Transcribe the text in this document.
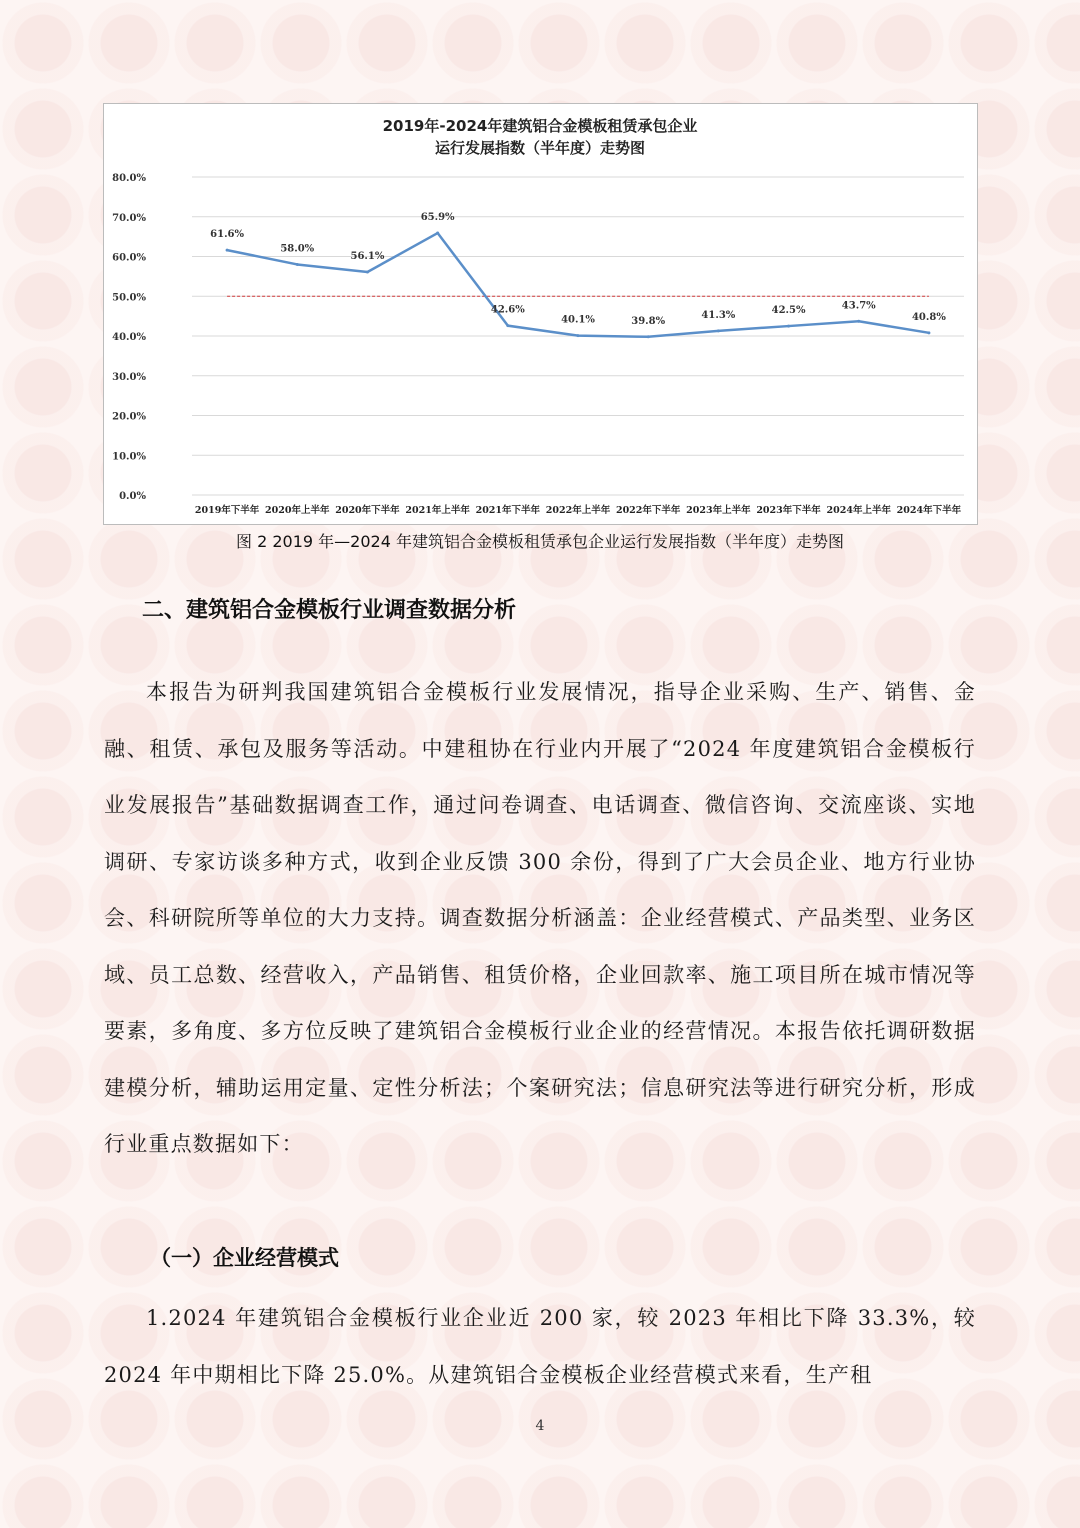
2019年-2024年建筑铝合金模板租赁承包企业
运行发展指数（半年度）走势图
0.0%
10.0%
20.0%
30.0%
40.0%
50.0%
60.0%
70.0%
80.0%
61.6%
58.0%
56.1%
65.9%
42.6%
40.1%	39.8%
41.3%	42.5%	43.7%
40.8%
2019年下半年 2020年上半年 2020年下半年 2021年上半年 2021年下半年 2022年上半年 2022年下半年 2023年上半年 2023年下半年 2024年上半年 2024年下半年
图 2 2019 年—2024 年建筑铝合金模板租赁承包企业运行发展指数（半年度）走势图
二、建筑铝合金模板行业调查数据分析

本报告为研判我国建筑铝合金模板行业发展情况，指导企业采购、生产、销售、金融、租赁、承包及服务等活动。中建租协在行业内开展了“2024 年度建筑铝合金模板行业发展报告”基础数据调查工作，通过问卷调查、电话调查、微信咨询、交流座谈、实地调研、专家访谈多种方式，收到企业反馈 300 余份，得到了广大会员企业、地方行业协会、科研院所等单位的大力支持。调查数据分析涵盖：企业经营模式、产品类型、业务区域、员工总数、经营收入，产品销售、租赁价格，企业回款率、施工项目所在城市情况等要素，多角度、多方位反映了建筑铝合金模板行业企业的经营情况。本报告依托调研数据建模分析，辅助运用定量、定性分析法；个案研究法；信息研究法等进行研究分析，形成行业重点数据如下：

（一）企业经营模式

1.2024 年建筑铝合金模板行业企业近 200 家，较 2023 年相比下降 33.3%，较 2024 年中期相比下降 25.0%。从建筑铝合金模板企业经营模式来看，生产租

4
